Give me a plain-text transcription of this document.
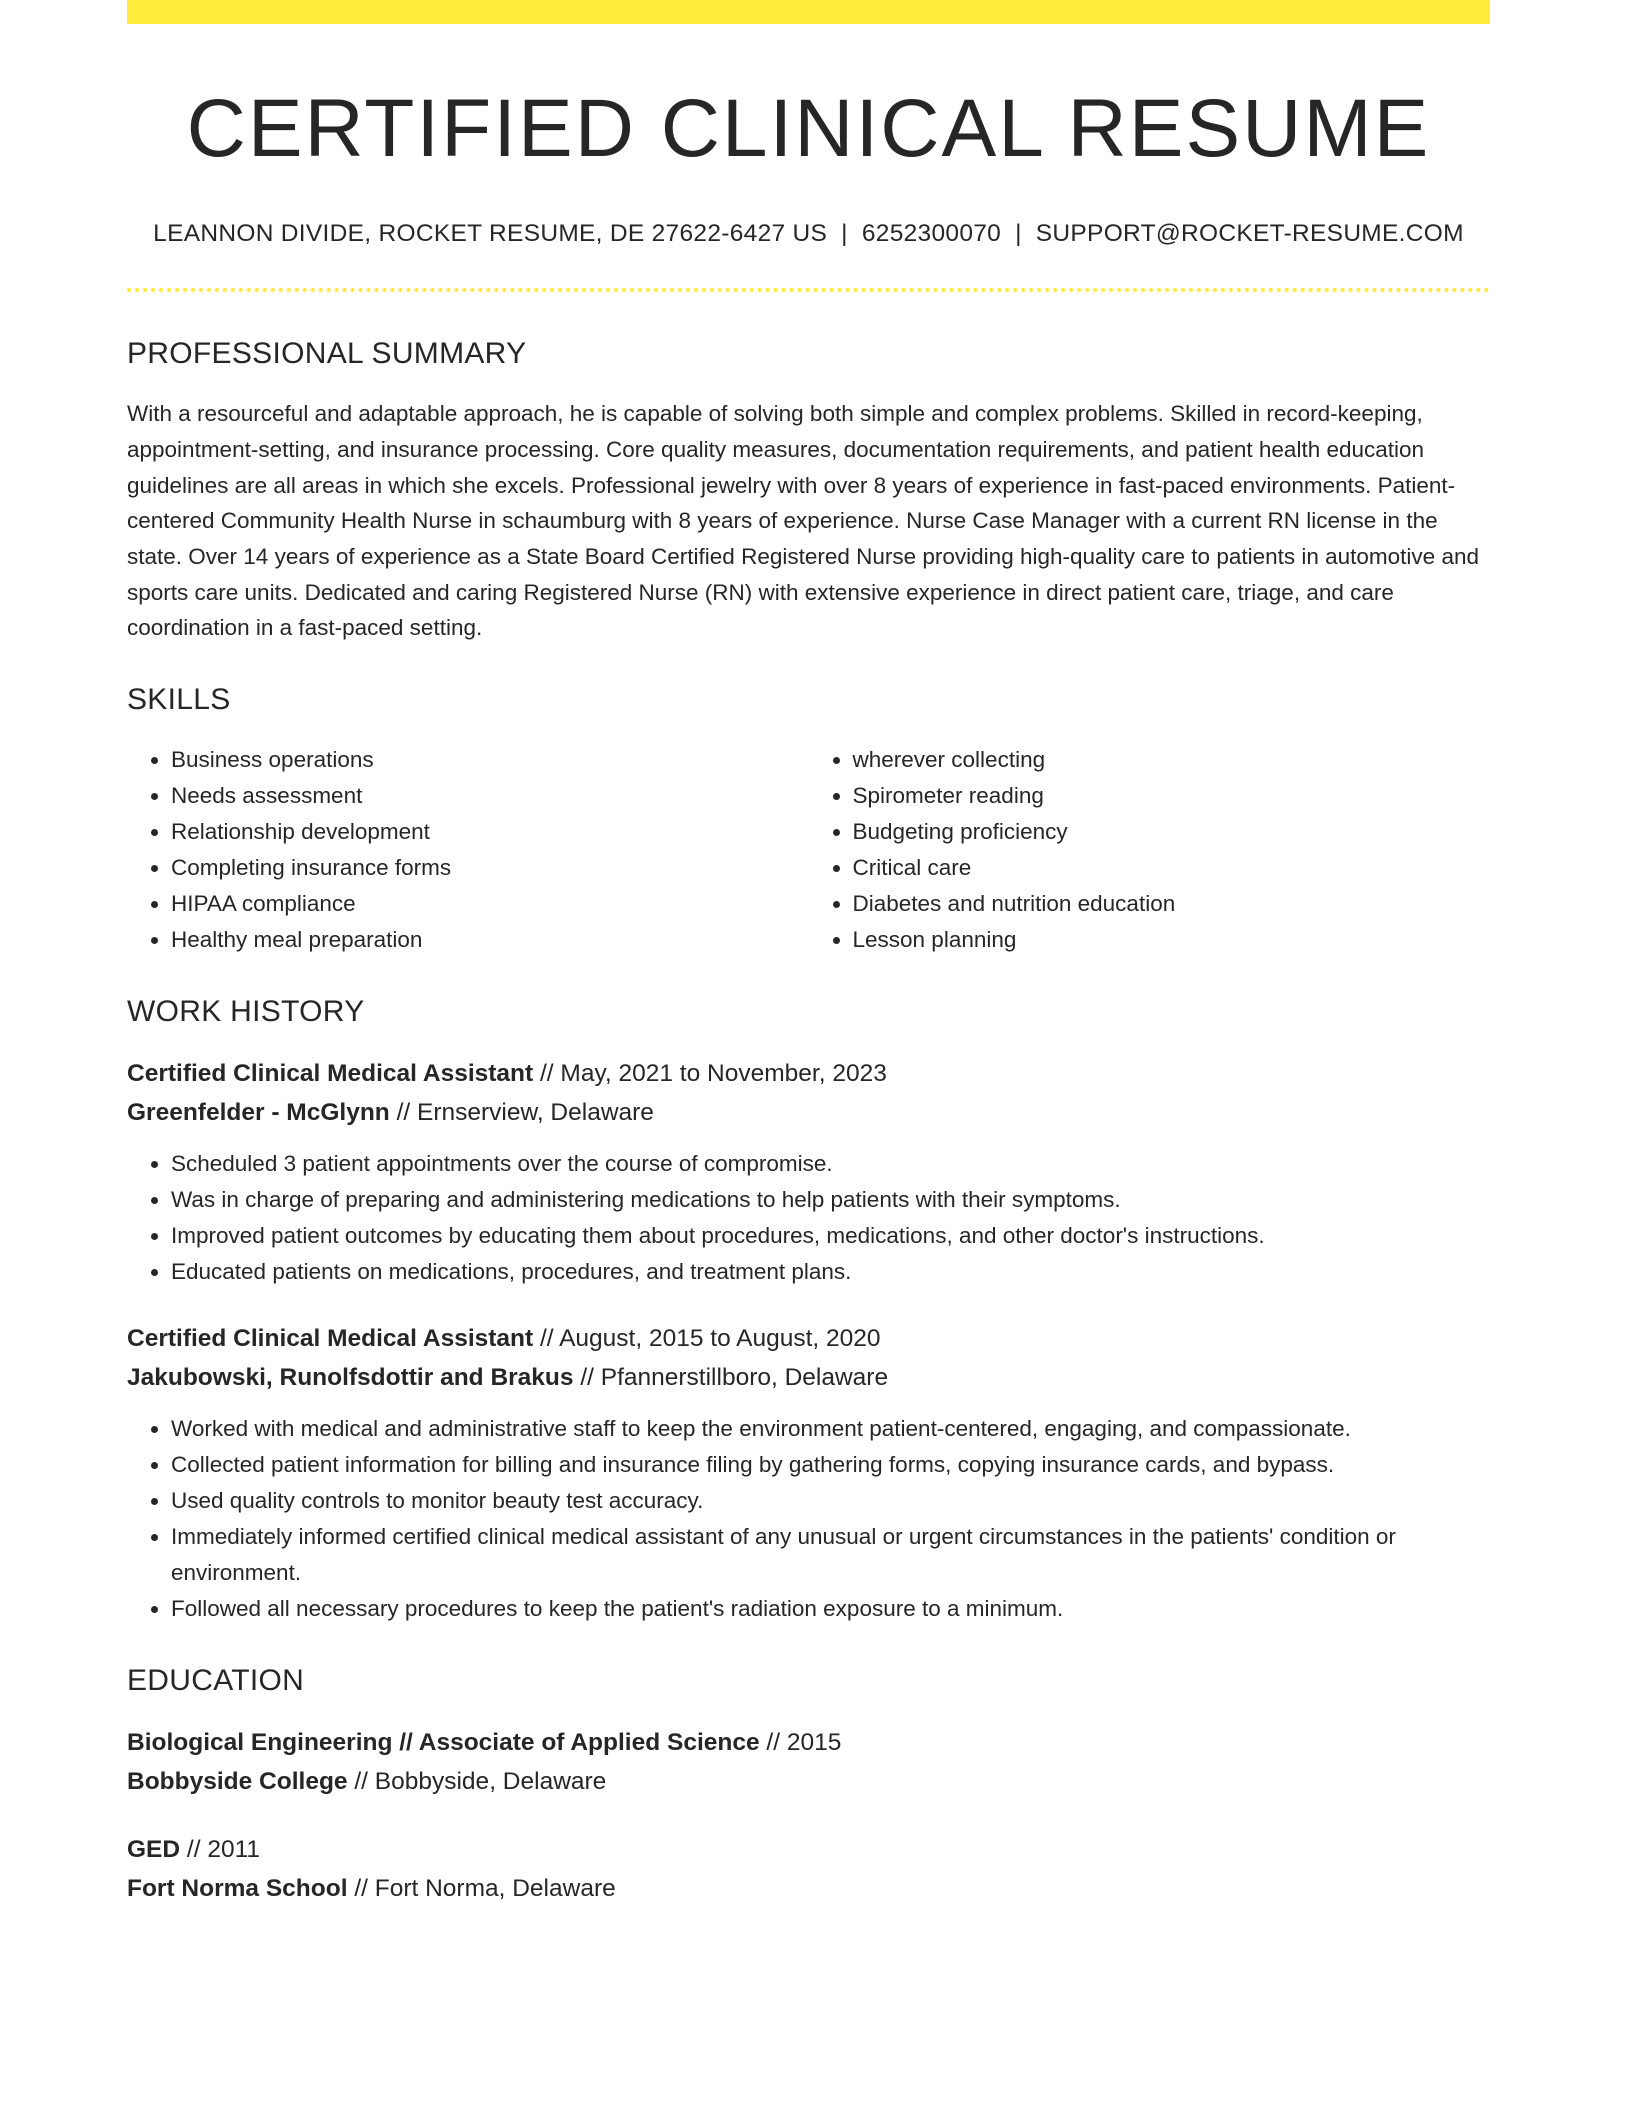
CERTIFIED CLINICAL RESUME
LEANNON DIVIDE, ROCKET RESUME, DE 27622-6427 US | 6252300070 | SUPPORT@ROCKET-RESUME.COM
PROFESSIONAL SUMMARY

With a resourceful and adaptable approach, he is capable of solving both simple and complex problems. Skilled in record-keeping, appointment-setting, and insurance processing. Core quality measures, documentation requirements, and patient health education guidelines are all areas in which she excels. Professional jewelry with over 8 years of experience in fast-paced environments. Patient-centered Community Health Nurse in schaumburg with 8 years of experience. Nurse Case Manager with a current RN license in the state. Over 14 years of experience as a State Board Certified Registered Nurse providing high-quality care to patients in automotive and sports care units. Dedicated and caring Registered Nurse (RN) with extensive experience in direct patient care, triage, and care coordination in a fast-paced setting.

SKILLS
• Business operations
• Needs assessment
• Relationship development
• Completing insurance forms
• HIPAA compliance
• Healthy meal preparation
• wherever collecting
• Spirometer reading
• Budgeting proficiency
• Critical care
• Diabetes and nutrition education
• Lesson planning
WORK HISTORY
Certified Clinical Medical Assistant // May, 2021 to November, 2023
Greenfelder - McGlynn // Ernserview, Delaware
• Scheduled 3 patient appointments over the course of compromise.
• Was in charge of preparing and administering medications to help patients with their symptoms.
• Improved patient outcomes by educating them about procedures, medications, and other doctor's instructions.
• Educated patients on medications, procedures, and treatment plans.
Certified Clinical Medical Assistant // August, 2015 to August, 2020
Jakubowski, Runolfsdottir and Brakus // Pfannerstillboro, Delaware
• Worked with medical and administrative staff to keep the environment patient-centered, engaging, and compassionate.
• Collected patient information for billing and insurance filing by gathering forms, copying insurance cards, and bypass.
• Used quality controls to monitor beauty test accuracy.
• Immediately informed certified clinical medical assistant of any unusual or urgent circumstances in the patients' condition or environment.
• Followed all necessary procedures to keep the patient's radiation exposure to a minimum.
EDUCATION
Biological Engineering // Associate of Applied Science // 2015
Bobbyside College // Bobbyside, Delaware
GED // 2011
Fort Norma School // Fort Norma, Delaware
